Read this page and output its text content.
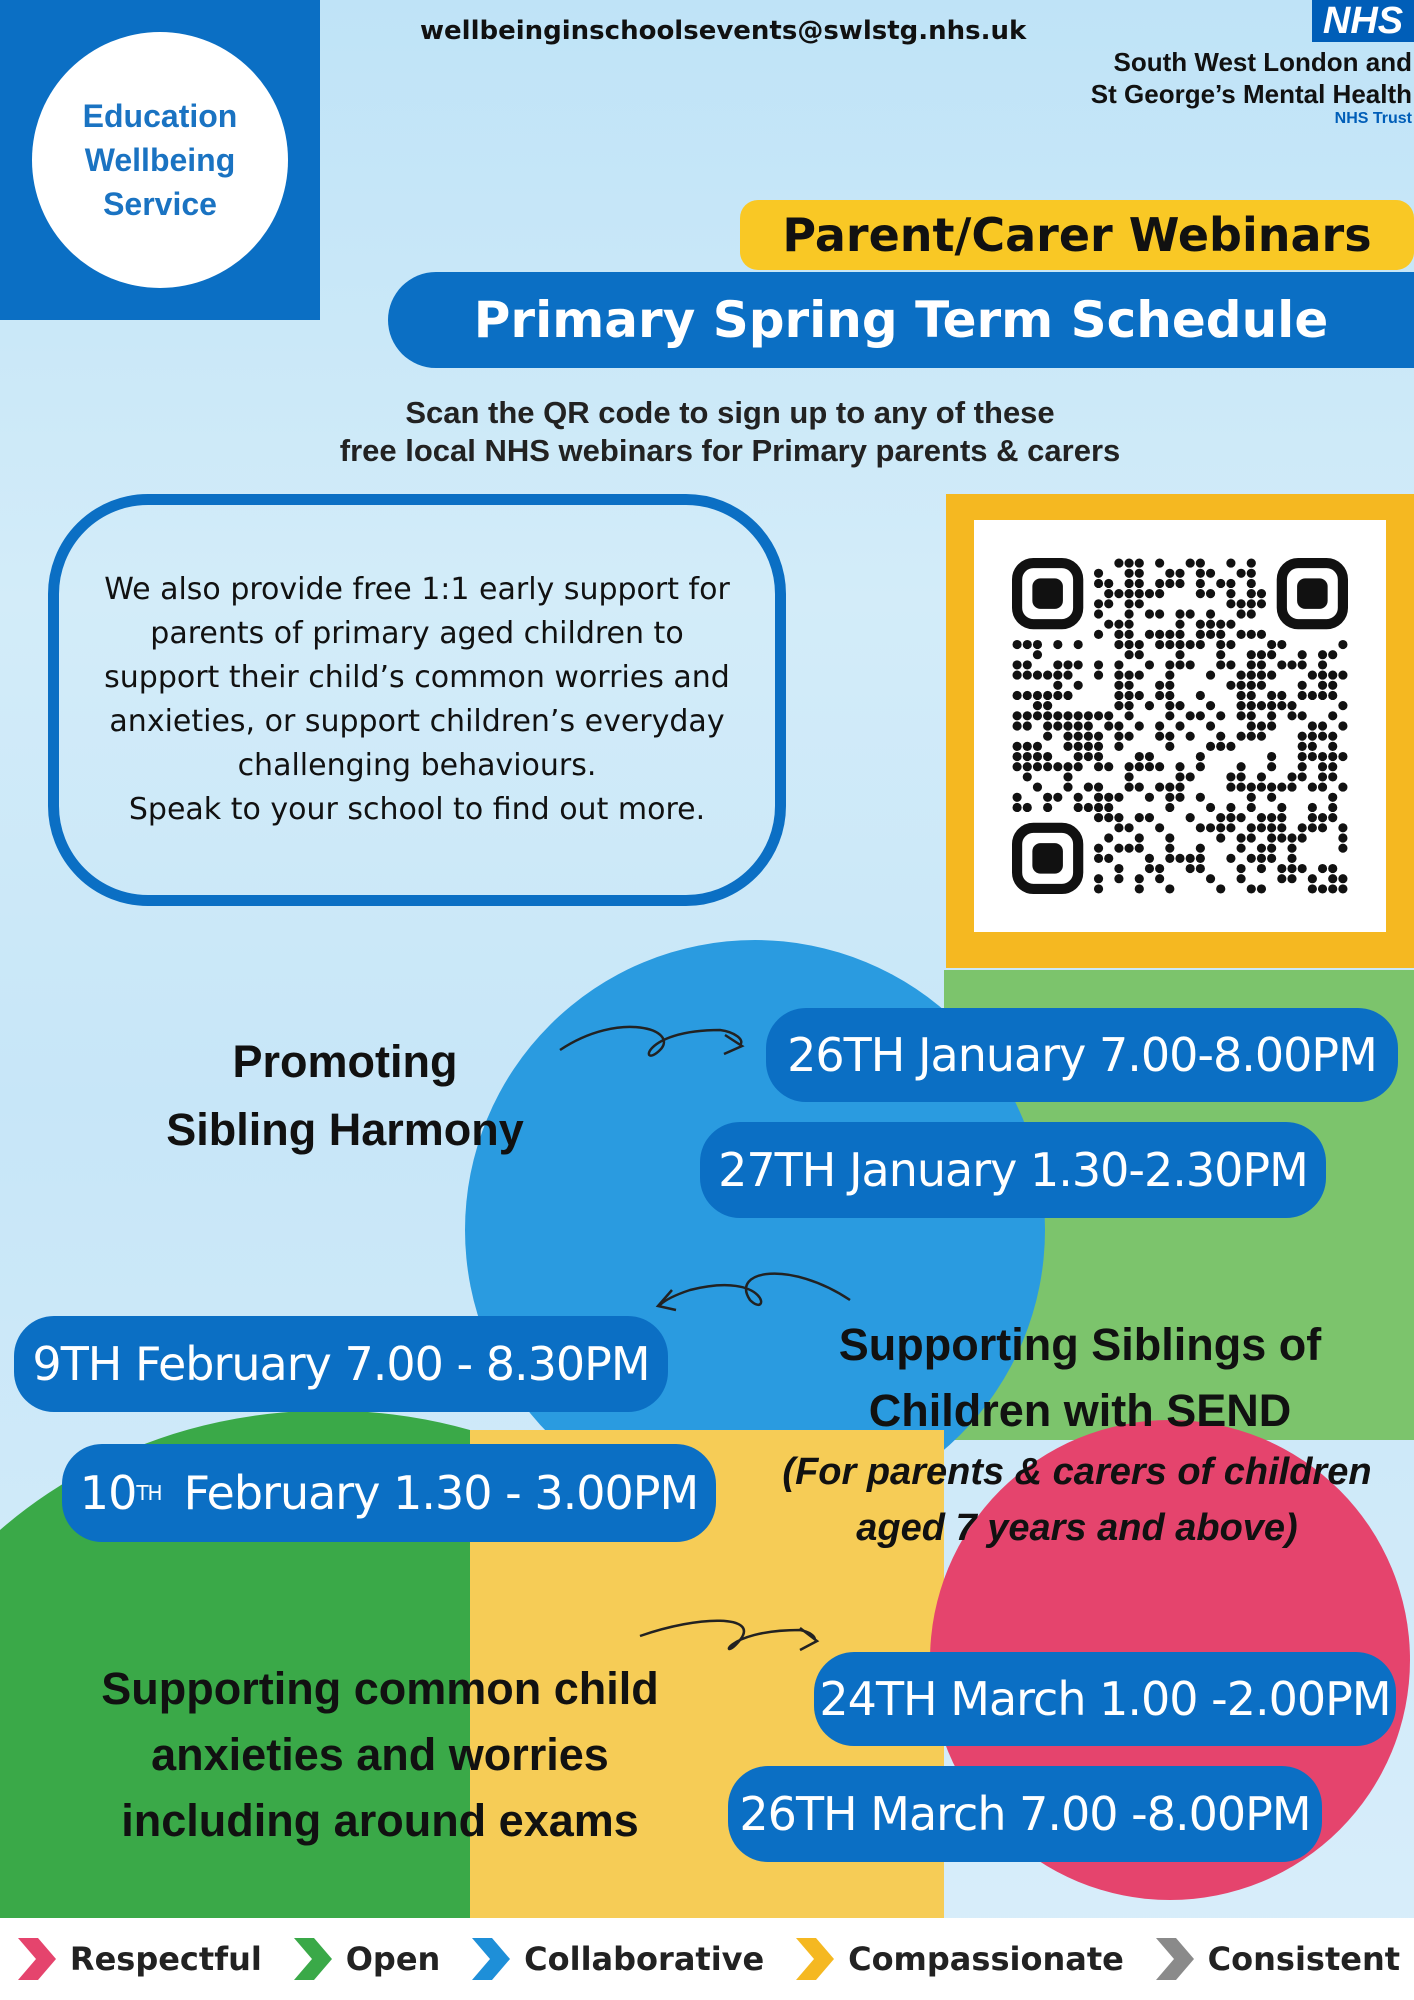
Education Wellbeing Service
wellbeinginschoolsevents@swlstg.nhs.uk	NHS
South West London and
St George’s Mental Health
NHS Trust
Parent/Carer Webinars
Primary Spring Term Schedule
Scan the QR code to sign up to any of these
free local NHS webinars for Primary parents & carers
We also provide free 1:1 early support for parents of primary aged children to support their child’s common worries and anxieties, or support children’s everyday challenging behaviours.
Speak to your school to find out more.
Promoting
Sibling Harmony
26TH January 7.00-8.00PM
27TH January 1.30-2.30PM
9TH February 7.00 - 8.30PM
10 TH February 1.30 - 3.00PM
Supporting Siblings of
Children with SEND
(For parents & carers of children
aged 7 years and above)
Supporting common child
anxieties and worries
including around exams
24TH March 1.00 -2.00PM
26TH March 7.00 -8.00PM
Respectful	Open	Collaborative	Compassionate	Consistent
